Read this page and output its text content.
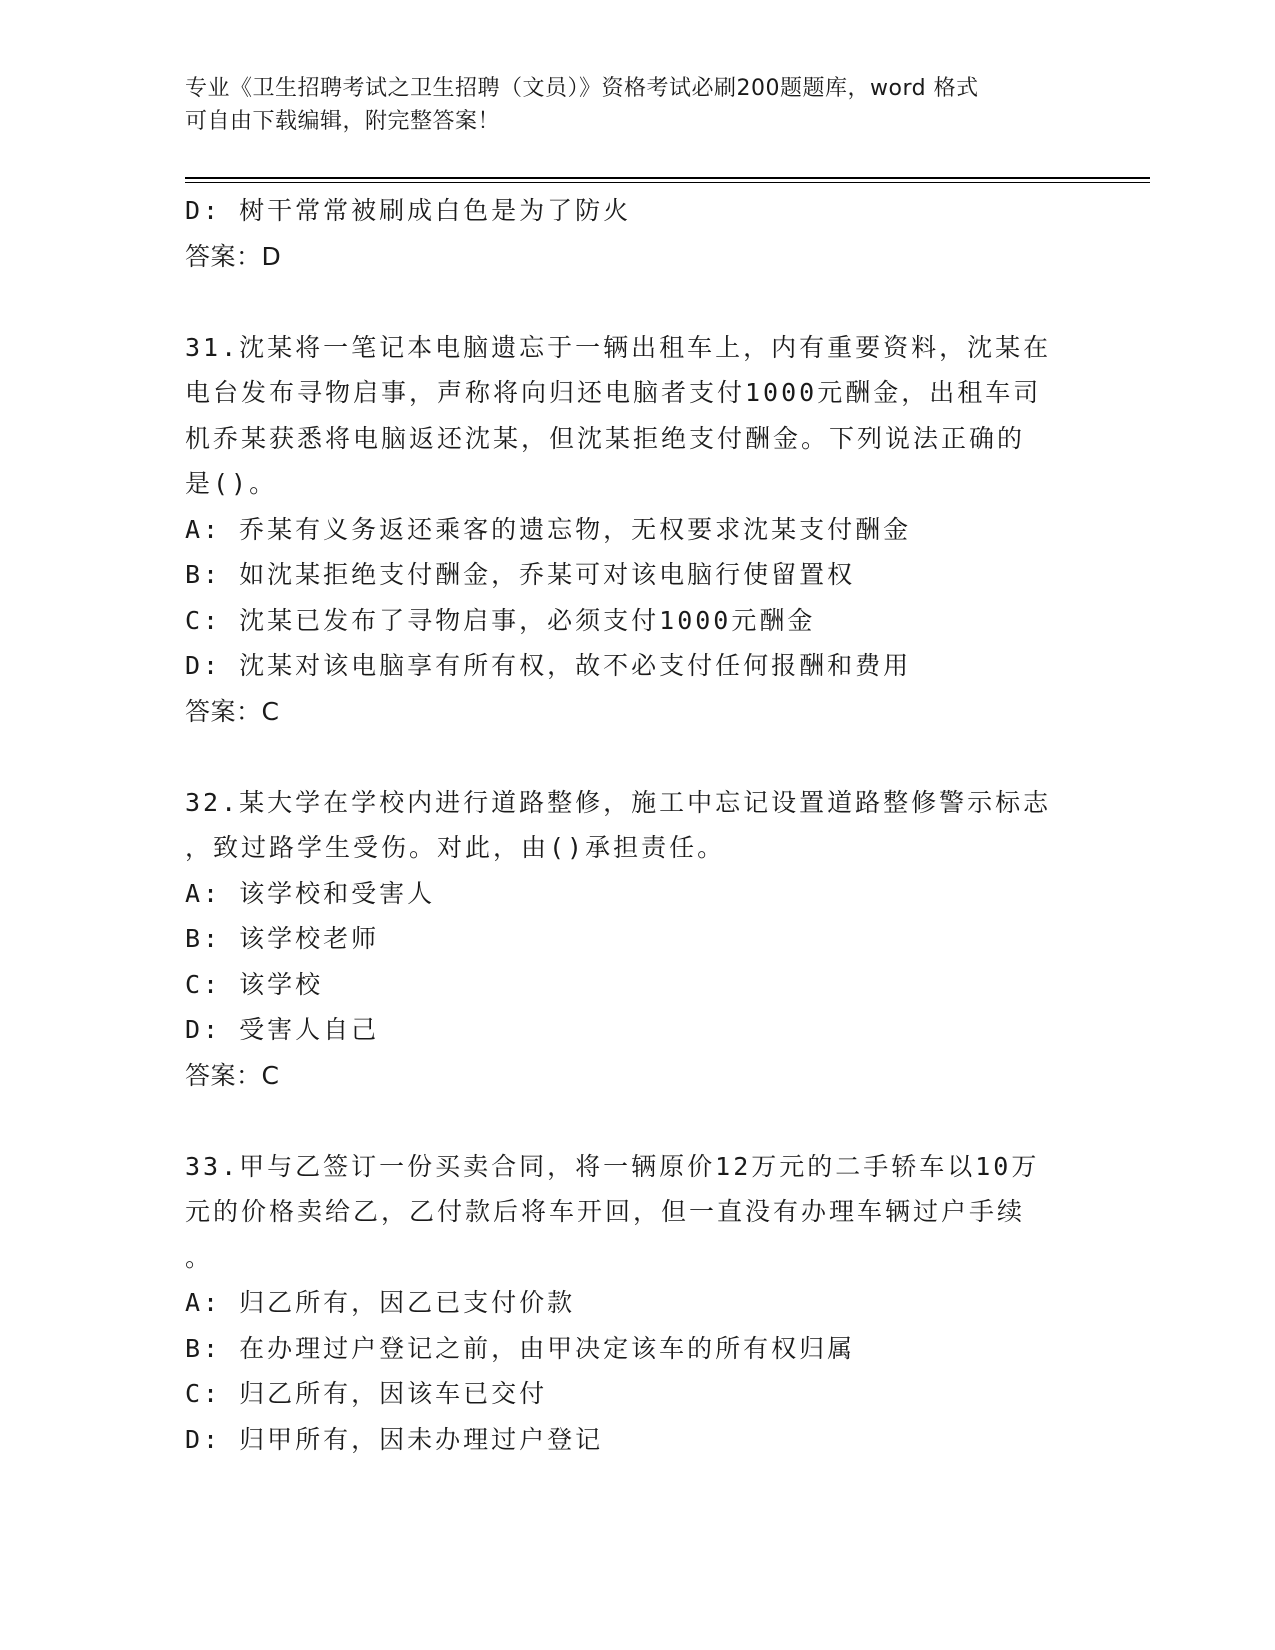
专业《卫生招聘考试之卫生招聘（文员）》资格考试必刷200题题库，word 格式
可自由下载编辑，附完整答案！
D: 树干常常被刷成白色是为了防火
答案：D
31.沈某将一笔记本电脑遗忘于一辆出租车上，内有重要资料，沈某在
电台发布寻物启事，声称将向归还电脑者支付1000元酬金，出租车司
机乔某获悉将电脑返还沈某，但沈某拒绝支付酬金。下列说法正确的
是()。
A: 乔某有义务返还乘客的遗忘物，无权要求沈某支付酬金
B: 如沈某拒绝支付酬金，乔某可对该电脑行使留置权
C: 沈某已发布了寻物启事，必须支付1000元酬金
D: 沈某对该电脑享有所有权，故不必支付任何报酬和费用
答案：C
32.某大学在学校内进行道路整修，施工中忘记设置道路整修警示标志
，致过路学生受伤。对此，由()承担责任。
A: 该学校和受害人
B: 该学校老师
C: 该学校
D: 受害人自己
答案：C
33.甲与乙签订一份买卖合同，将一辆原价12万元的二手轿车以10万
元的价格卖给乙，乙付款后将车开回，但一直没有办理车辆过户手续
。
A: 归乙所有，因乙已支付价款
B: 在办理过户登记之前，由甲决定该车的所有权归属
C: 归乙所有，因该车已交付
D: 归甲所有，因未办理过户登记
